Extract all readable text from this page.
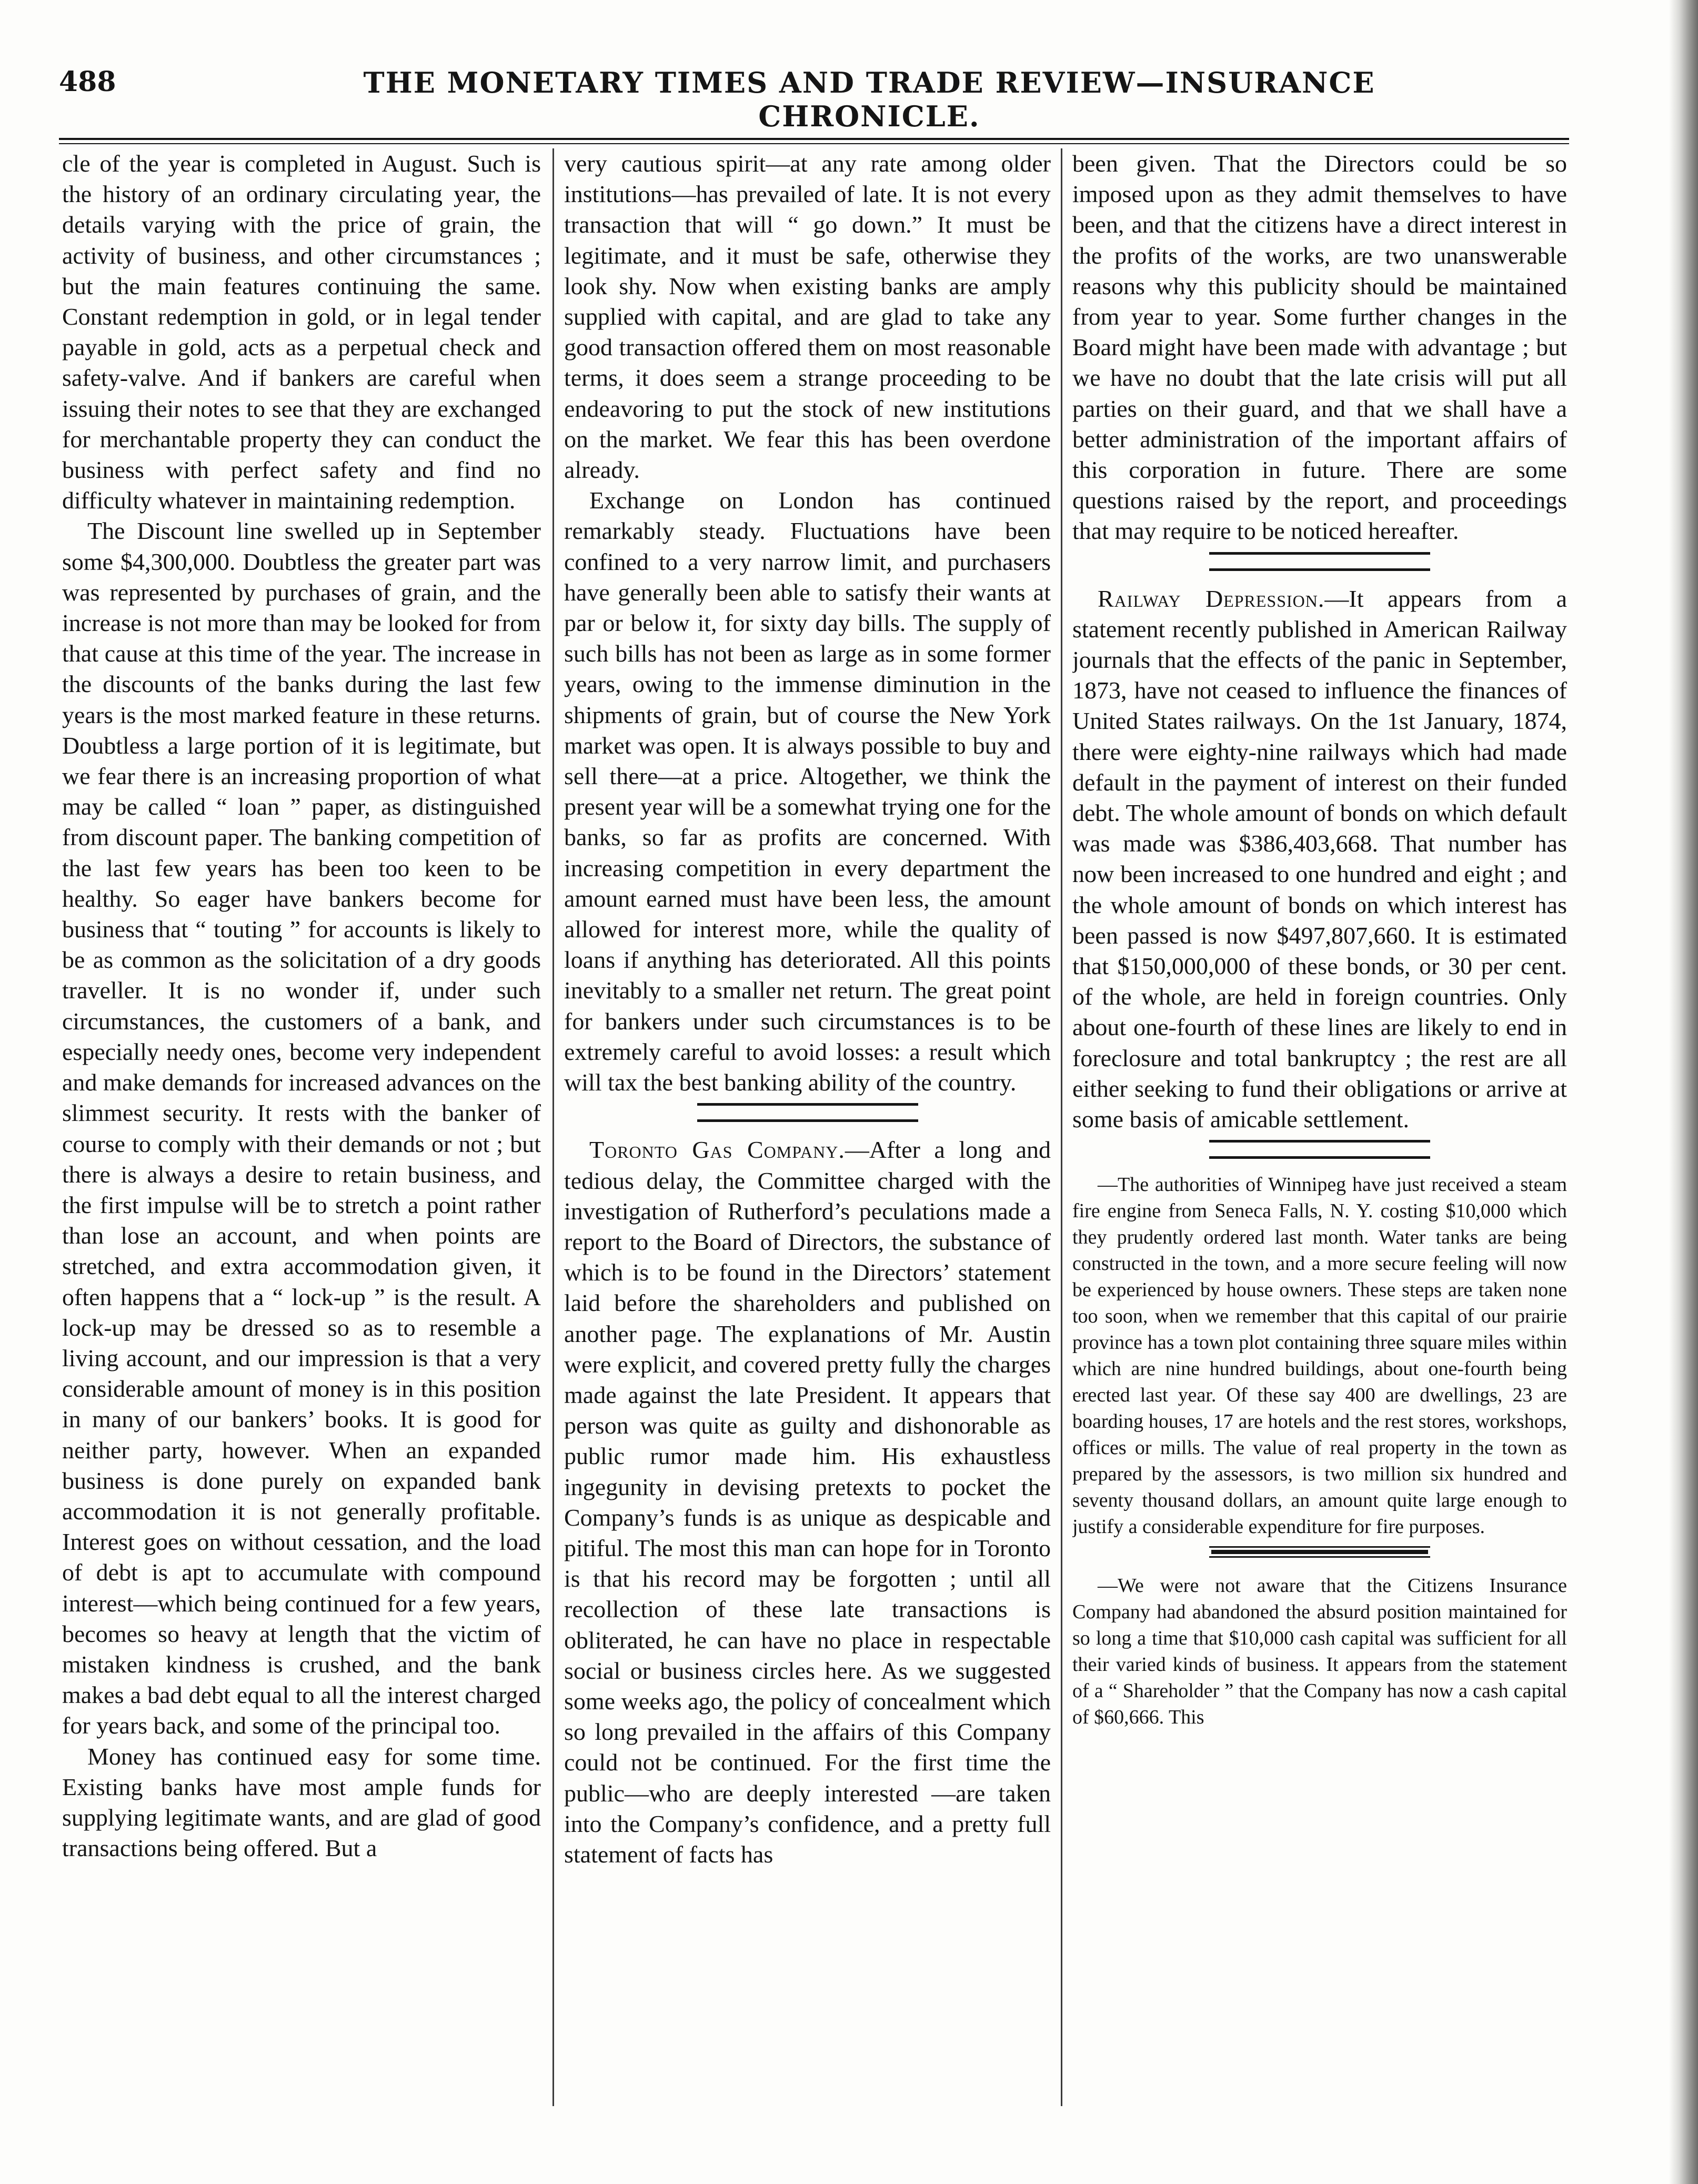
488	THE MONETARY TIMES AND TRADE REVIEW—INSURANCE CHRONICLE.

cle of the year is completed in August. Such is the history of an ordinary circulating year, the details varying with the price of grain, the activity of business, and other circumstances ; but the main features continuing the same. Constant redemption in gold, or in legal tender payable in gold, acts as a perpetual check and safety-valve. And if bankers are careful when issuing their notes to see that they are exchanged for merchantable property they can conduct the business with perfect safety and find no difficulty whatever in maintaining redemption.

The Discount line swelled up in September some $4,300,000. Doubtless the greater part was was represented by purchases of grain, and the increase is not more than may be looked for from that cause at this time of the year. The increase in the discounts of the banks during the last few years is the most marked feature in these returns. Doubtless a large portion of it is legitimate, but we fear there is an increasing proportion of what may be called “ loan ” paper, as distinguished from discount paper. The banking competition of the last few years has been too keen to be healthy. So eager have bankers become for business that “ touting ” for accounts is likely to be as common as the solicitation of a dry goods traveller. It is no wonder if, under such circumstances, the customers of a bank, and especially needy ones, become very independent and make demands for increased advances on the slimmest security. It rests with the banker of course to comply with their demands or not ; but there is always a desire to retain business, and the first impulse will be to stretch a point rather than lose an account, and when points are stretched, and extra accommodation given, it often happens that a “ lock-up ” is the result. A lock-up may be dressed so as to resemble a living account, and our impression is that a very considerable amount of money is in this position in many of our bankers’ books. It is good for neither party, however. When an expanded business is done purely on expanded bank accommodation it is not generally profitable. Interest goes on without cessation, and the load of debt is apt to accumulate with compound interest—which being continued for a few years, becomes so heavy at length that the victim of mistaken kindness is crushed, and the bank makes a bad debt equal to all the interest charged for years back, and some of the principal too.

Money has continued easy for some time. Existing banks have most ample funds for supplying legitimate wants, and are glad of good transactions being offered. But a

very cautious spirit—at any rate among older institutions—has prevailed of late. It is not every transaction that will “ go down.” It must be legitimate, and it must be safe, otherwise they look shy. Now when existing banks are amply supplied with capital, and are glad to take any good transaction offered them on most reasonable terms, it does seem a strange proceeding to be endeavoring to put the stock of new institutions on the market. We fear this has been overdone already.

Exchange on London has continued remarkably steady. Fluctuations have been confined to a very narrow limit, and purchasers have generally been able to satisfy their wants at par or below it, for sixty day bills. The supply of such bills has not been as large as in some former years, owing to the immense diminution in the shipments of grain, but of course the New York market was open. It is always possible to buy and sell there—at a price. Altogether, we think the present year will be a somewhat trying one for the banks, so far as profits are concerned. With increasing competition in every department the amount earned must have been less, the amount allowed for interest more, while the quality of loans if anything has deteriorated. All this points inevitably to a smaller net return. The great point for bankers under such circumstances is to be extremely careful to avoid losses: a result which will tax the best banking ability of the country.

Toronto Gas Company.—After a long and tedious delay, the Committee charged with the investigation of Rutherford’s peculations made a report to the Board of Directors, the substance of which is to be found in the Directors’ statement laid before the shareholders and published on another page. The explanations of Mr. Austin were explicit, and covered pretty fully the charges made against the late President. It appears that person was quite as guilty and dishonorable as public rumor made him. His exhaustless ingegunity in devising pretexts to pocket the Company’s funds is as unique as despicable and pitiful. The most this man can hope for in Toronto is that his record may be forgotten ; until all recollection of these late transactions is obliterated, he can have no place in respectable social or business circles here. As we suggested some weeks ago, the policy of concealment which so long prevailed in the affairs of this Company could not be continued. For the first time the public—who are deeply interested —are taken into the Company’s confidence, and a pretty full statement of facts has

been given. That the Directors could be so imposed upon as they admit themselves to have been, and that the citizens have a direct interest in the profits of the works, are two unanswerable reasons why this publicity should be maintained from year to year. Some further changes in the Board might have been made with advantage ; but we have no doubt that the late crisis will put all parties on their guard, and that we shall have a better administration of the important affairs of this corporation in future. There are some questions raised by the report, and proceedings that may require to be noticed hereafter.

Railway Depression.—It appears from a statement recently published in American Railway journals that the effects of the panic in September, 1873, have not ceased to influence the finances of United States railways. On the 1st January, 1874, there were eighty-nine railways which had made default in the payment of interest on their funded debt. The whole amount of bonds on which default was made was $386,403,668. That number has now been increased to one hundred and eight ; and the whole amount of bonds on which interest has been passed is now $497,807,660. It is estimated that $150,000,000 of these bonds, or 30 per cent. of the whole, are held in foreign countries. Only about one-fourth of these lines are likely to end in foreclosure and total bankruptcy ; the rest are all either seeking to fund their obligations or arrive at some basis of amicable settlement.

—The authorities of Winnipeg have just received a steam fire engine from Seneca Falls, N. Y. costing $10,000 which they prudently ordered last month. Water tanks are being constructed in the town, and a more secure feeling will now be experienced by house owners. These steps are taken none too soon, when we remember that this capital of our prairie province has a town plot containing three square miles within which are nine hundred buildings, about one-fourth being erected last year. Of these say 400 are dwellings, 23 are boarding houses, 17 are hotels and the rest stores, workshops, offices or mills. The value of real property in the town as prepared by the assessors, is two million six hundred and seventy thousand dollars, an amount quite large enough to justify a considerable expenditure for fire purposes.

—We were not aware that the Citizens Insurance Company had abandoned the absurd position maintained for so long a time that $10,000 cash capital was sufficient for all their varied kinds of business. It appears from the statement of a “ Shareholder ” that the Company has now a cash capital of $60,666. This
